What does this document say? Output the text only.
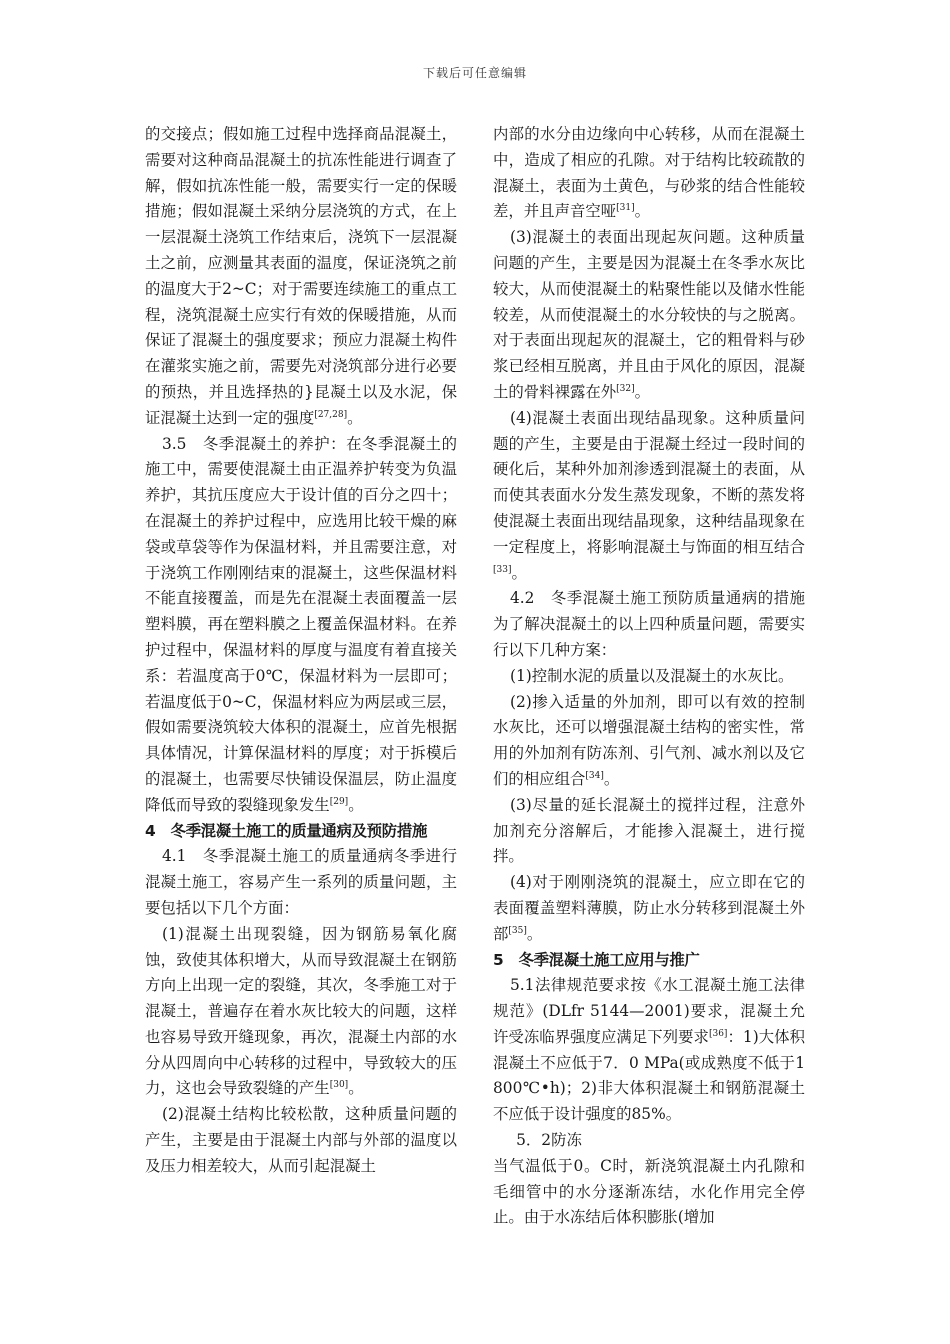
下载后可任意编辑

的交接点；假如施工过程中选择商品混凝土，需要对这种商品混凝土的抗冻性能进行调查了解，假如抗冻性能一般，需要实行一定的保暖措施；假如混凝土采纳分层浇筑的方式，在上一层混凝土浇筑工作结束后，浇筑下一层混凝土之前，应测量其表面的温度，保证浇筑之前的温度大于2~C；对于需要连续施工的重点工程，浇筑混凝土应实行有效的保暖措施，从而保证了混凝土的强度要求；预应力混凝土构件在灌浆实施之前，需要先对浇筑部分进行必要的预热，并且选择热的}昆凝土以及水泥，保证混凝土达到一定的强度[27,28]。

3.5　冬季混凝土的养护：在冬季混凝土的施工中，需要使混凝土由正温养护转变为负温养护，其抗压度应大于设计值的百分之四十；在混凝土的养护过程中，应选用比较干燥的麻袋或草袋等作为保温材料，并且需要注意，对于浇筑工作刚刚结束的混凝土，这些保温材料不能直接覆盖，而是先在混凝土表面覆盖一层塑料膜，再在塑料膜之上覆盖保温材料。在养护过程中，保温材料的厚度与温度有着直接关系：若温度高于0℃，保温材料为一层即可；若温度低于0~C，保温材料应为两层或三层，假如需要浇筑较大体积的混凝土，应首先根据具体情况，计算保温材料的厚度；对于拆模后的混凝土，也需要尽快铺设保温层，防止温度降低而导致的裂缝现象发生[29]。

4　冬季混凝土施工的质量通病及预防措施

4.1　冬季混凝土施工的质量通病冬季进行混凝土施工，容易产生一系列的质量问题，主要包括以下几个方面：

(1)混凝土出现裂缝，因为钢筋易氧化腐蚀，致使其体积增大，从而导致混凝土在钢筋方向上出现一定的裂缝，其次，冬季施工对于混凝土，普遍存在着水灰比较大的问题，这样也容易导致开缝现象，再次，混凝土内部的水分从四周向中心转移的过程中，导致较大的压力，这也会导致裂缝的产生[30]。

(2)混凝土结构比较松散，这种质量问题的产生，主要是由于混凝土内部与外部的温度以及压力相差较大，从而引起混凝土

内部的水分由边缘向中心转移，从而在混凝土中，造成了相应的孔隙。对于结构比较疏散的混凝土，表面为土黄色，与砂浆的结合性能较差，并且声音空哑[31]。

(3)混凝土的表面出现起灰问题。这种质量问题的产生，主要是因为混凝土在冬季水灰比较大，从而使混凝土的粘聚性能以及储水性能较差，从而使混凝土的水分较快的与之脱离。对于表面出现起灰的混凝土，它的粗骨料与砂浆已经相互脱离，并且由于风化的原因，混凝土的骨料裸露在外[32]。

(4)混凝土表面出现结晶现象。这种质量问题的产生，主要是由于混凝土经过一段时间的硬化后，某种外加剂渗透到混凝土的表面，从而使其表面水分发生蒸发现象，不断的蒸发将使混凝土表面出现结晶现象，这种结晶现象在一定程度上，将影响混凝土与饰面的相互结合[33]。

4.2　冬季混凝土施工预防质量通病的措施为了解决混凝土的以上四种质量问题，需要实行以下几种方案：

(1)控制水泥的质量以及混凝土的水灰比。

(2)掺入适量的外加剂，即可以有效的控制水灰比，还可以增强混凝土结构的密实性，常用的外加剂有防冻剂、引气剂、减水剂以及它们的相应组合[34]。

(3)尽量的延长混凝土的搅拌过程，注意外加剂充分溶解后，才能掺入混凝土，进行搅拌。

(4)对于刚刚浇筑的混凝土，应立即在它的表面覆盖塑料薄膜，防止水分转移到混凝土外部[35]。

5　冬季混凝土施工应用与推广

5.1法律规范要求按《水工混凝土施工法律规范》(DLfr 5144—2001)要求，混凝土允许受冻临界强度应满足下列要求[36]：1)大体积混凝土不应低于7．0 MPa(或成熟度不低于1 800℃•h)；2)非大体积混凝土和钢筋混凝土不应低于设计强度的85%。

5．2防冻

当气温低于0。C时，新浇筑混凝土内孔隙和毛细管中的水分逐渐冻结，水化作用完全停止。由于水冻结后体积膨胀(增加
